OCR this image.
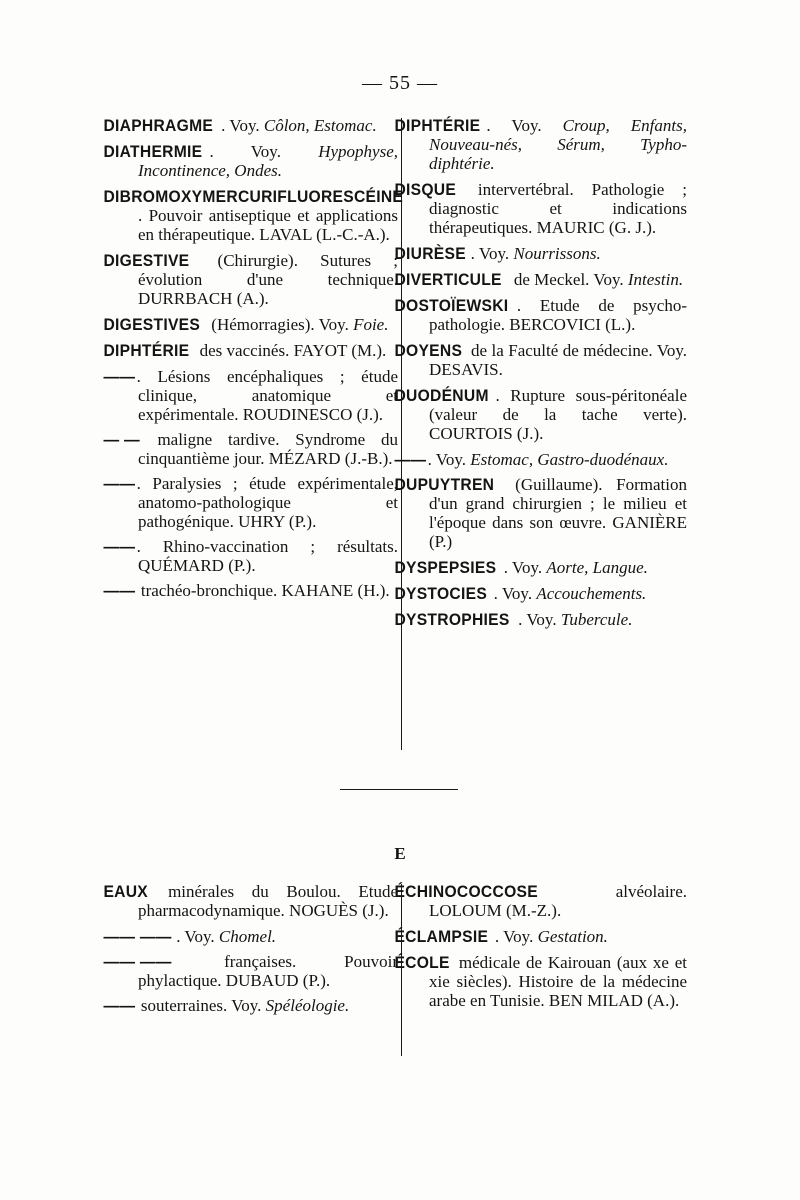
— 55 —
E

DIAPHRAGME . Voy. Côlon, Estomac.

DIATHERMIE . Voy. Hypophyse, Incontinence, Ondes.

DIBROMOXYMERCURIFLUORESCÉINE. Pouvoir antiseptique et applications en thérapeutique. LAVAL (L.-C.-A.).

DIGESTIVE (Chirurgie). Sutures ; évolution d'une technique. DURRBACH (A.).

DIGESTIVES (Hémorragies). Voy. Foie.

DIPHTÉRIE des vaccinés. FAYOT (M.).

——. Lésions encéphaliques ; étude clinique, anatomique et expérimentale. ROUDINESCO (J.).

— — maligne tardive. Syndrome du cinquantième jour. MÉZARD (J.-B.).

——. Paralysies ; étude expérimentale, anatomo-pathologique et pathogénique. UHRY (P.).

——. Rhino-vaccination ; résultats. QUÉMARD (P.).

—— trachéo-bronchique. KAHANE (H.).

DIPHTÉRIE . Voy. Croup, Enfants, Nouveau-nés, Sérum, Typho-diphtérie.

DISQUE intervertébral. Pathologie ; diagnostic et indications thérapeutiques. MAURIC (G. J.).

DIURÈSE . Voy. Nourrissons.

DIVERTICULE de Meckel. Voy. Intestin.

DOSTOÏEWSKI . Etude de psycho-pathologie. BERCOVICI (L.).

DOYENS de la Faculté de médecine. Voy. DESAVIS.

DUODÉNUM . Rupture sous-péritonéale (valeur de la tache verte). COURTOIS (J.).

——. Voy. Estomac, Gastro-duodénaux.

DUPUYTREN (Guillaume). Formation d'un grand chirurgien ; le milieu et l'époque dans son œuvre. GANIÈRE (P.)

DYSPEPSIES . Voy. Aorte, Langue.

DYSTOCIES . Voy. Accouchements.

DYSTROPHIES . Voy. Tubercule.

EAUX minérales du Boulou. Etude pharmacodynamique. NOGUÈS (J.).

—— —— . Voy. Chomel.

—— —— françaises. Pouvoir phylactique. DUBAUD (P.).

—— souterraines. Voy. Spéléologie.

ÉCHINOCOCCOSE alvéolaire. LOLOUM (M.-Z.).

ÉCLAMPSIE . Voy. Gestation.

ÉCOLE médicale de Kairouan (aux xe et xie siècles). Histoire de la médecine arabe en Tunisie. BEN MILAD (A.).
